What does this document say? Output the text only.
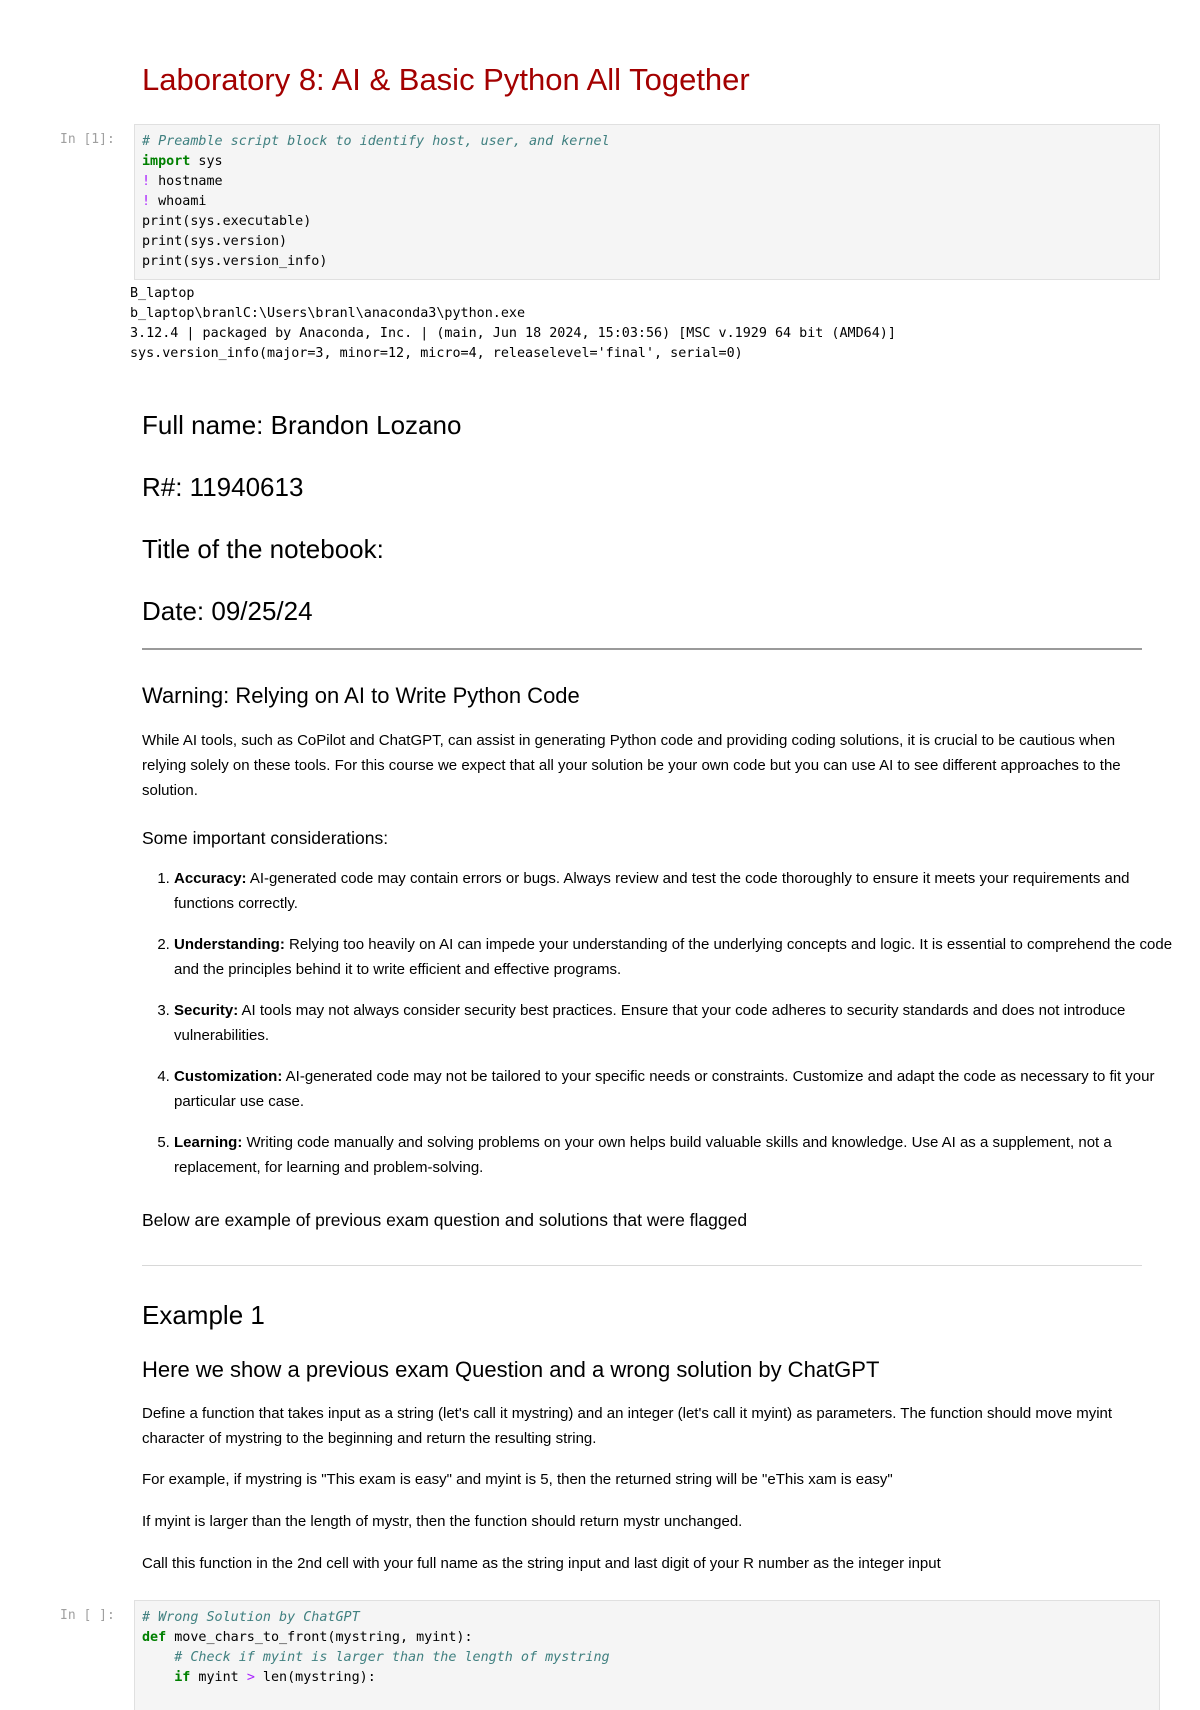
Laboratory 8: AI & Basic Python All Together
In [1]:	# Preamble script block to identify host, user, and kernel
import sys
! hostname
! whoami
print(sys.executable)
print(sys.version)
print(sys.version_info)
B_laptop
b_laptop\branlC:\Users\branl\anaconda3\python.exe
3.12.4 | packaged by Anaconda, Inc. | (main, Jun 18 2024, 15:03:56) [MSC v.1929 64 bit (AMD64)]
sys.version_info(major=3, minor=12, micro=4, releaselevel='final', serial=0)
Full name: Brandon Lozano
R#: 11940613
Title of the notebook:
Date: 09/25/24
Warning: Relying on AI to Write Python Code

While AI tools, such as CoPilot and ChatGPT, can assist in generating Python code and providing coding solutions, it is crucial to be cautious when relying solely on these tools. For this course we expect that all your solution be your own code but you can use AI to see different approaches to the solution.

Some important considerations:

1. Accuracy: AI-generated code may contain errors or bugs. Always review and test the code thoroughly to ensure it meets your requirements and functions correctly.
2. Understanding: Relying too heavily on AI can impede your understanding of the underlying concepts and logic. It is essential to comprehend the code and the principles behind it to write efficient and effective programs.
3. Security: AI tools may not always consider security best practices. Ensure that your code adheres to security standards and does not introduce vulnerabilities.
4. Customization: AI-generated code may not be tailored to your specific needs or constraints. Customize and adapt the code as necessary to fit your particular use case.
5. Learning: Writing code manually and solving problems on your own helps build valuable skills and knowledge. Use AI as a supplement, not a replacement, for learning and problem-solving.

Below are example of previous exam question and solutions that were flagged

Example 1
Here we show a previous exam Question and a wrong solution by ChatGPT

Define a function that takes input as a string (let's call it mystring) and an integer (let's call it myint) as parameters. The function should move myint character of mystring to the beginning and return the resulting string.

For example, if mystring is "This exam is easy" and myint is 5, then the returned string will be "eThis xam is easy"

If myint is larger than the length of mystr, then the function should return mystr unchanged.

Call this function in the 2nd cell with your full name as the string input and last digit of your R number as the integer input

In [ ]:	# Wrong Solution by ChatGPT
def move_chars_to_front(mystring, myint):
# Check if myint is larger than the length of mystring
if myint > len(mystring):
